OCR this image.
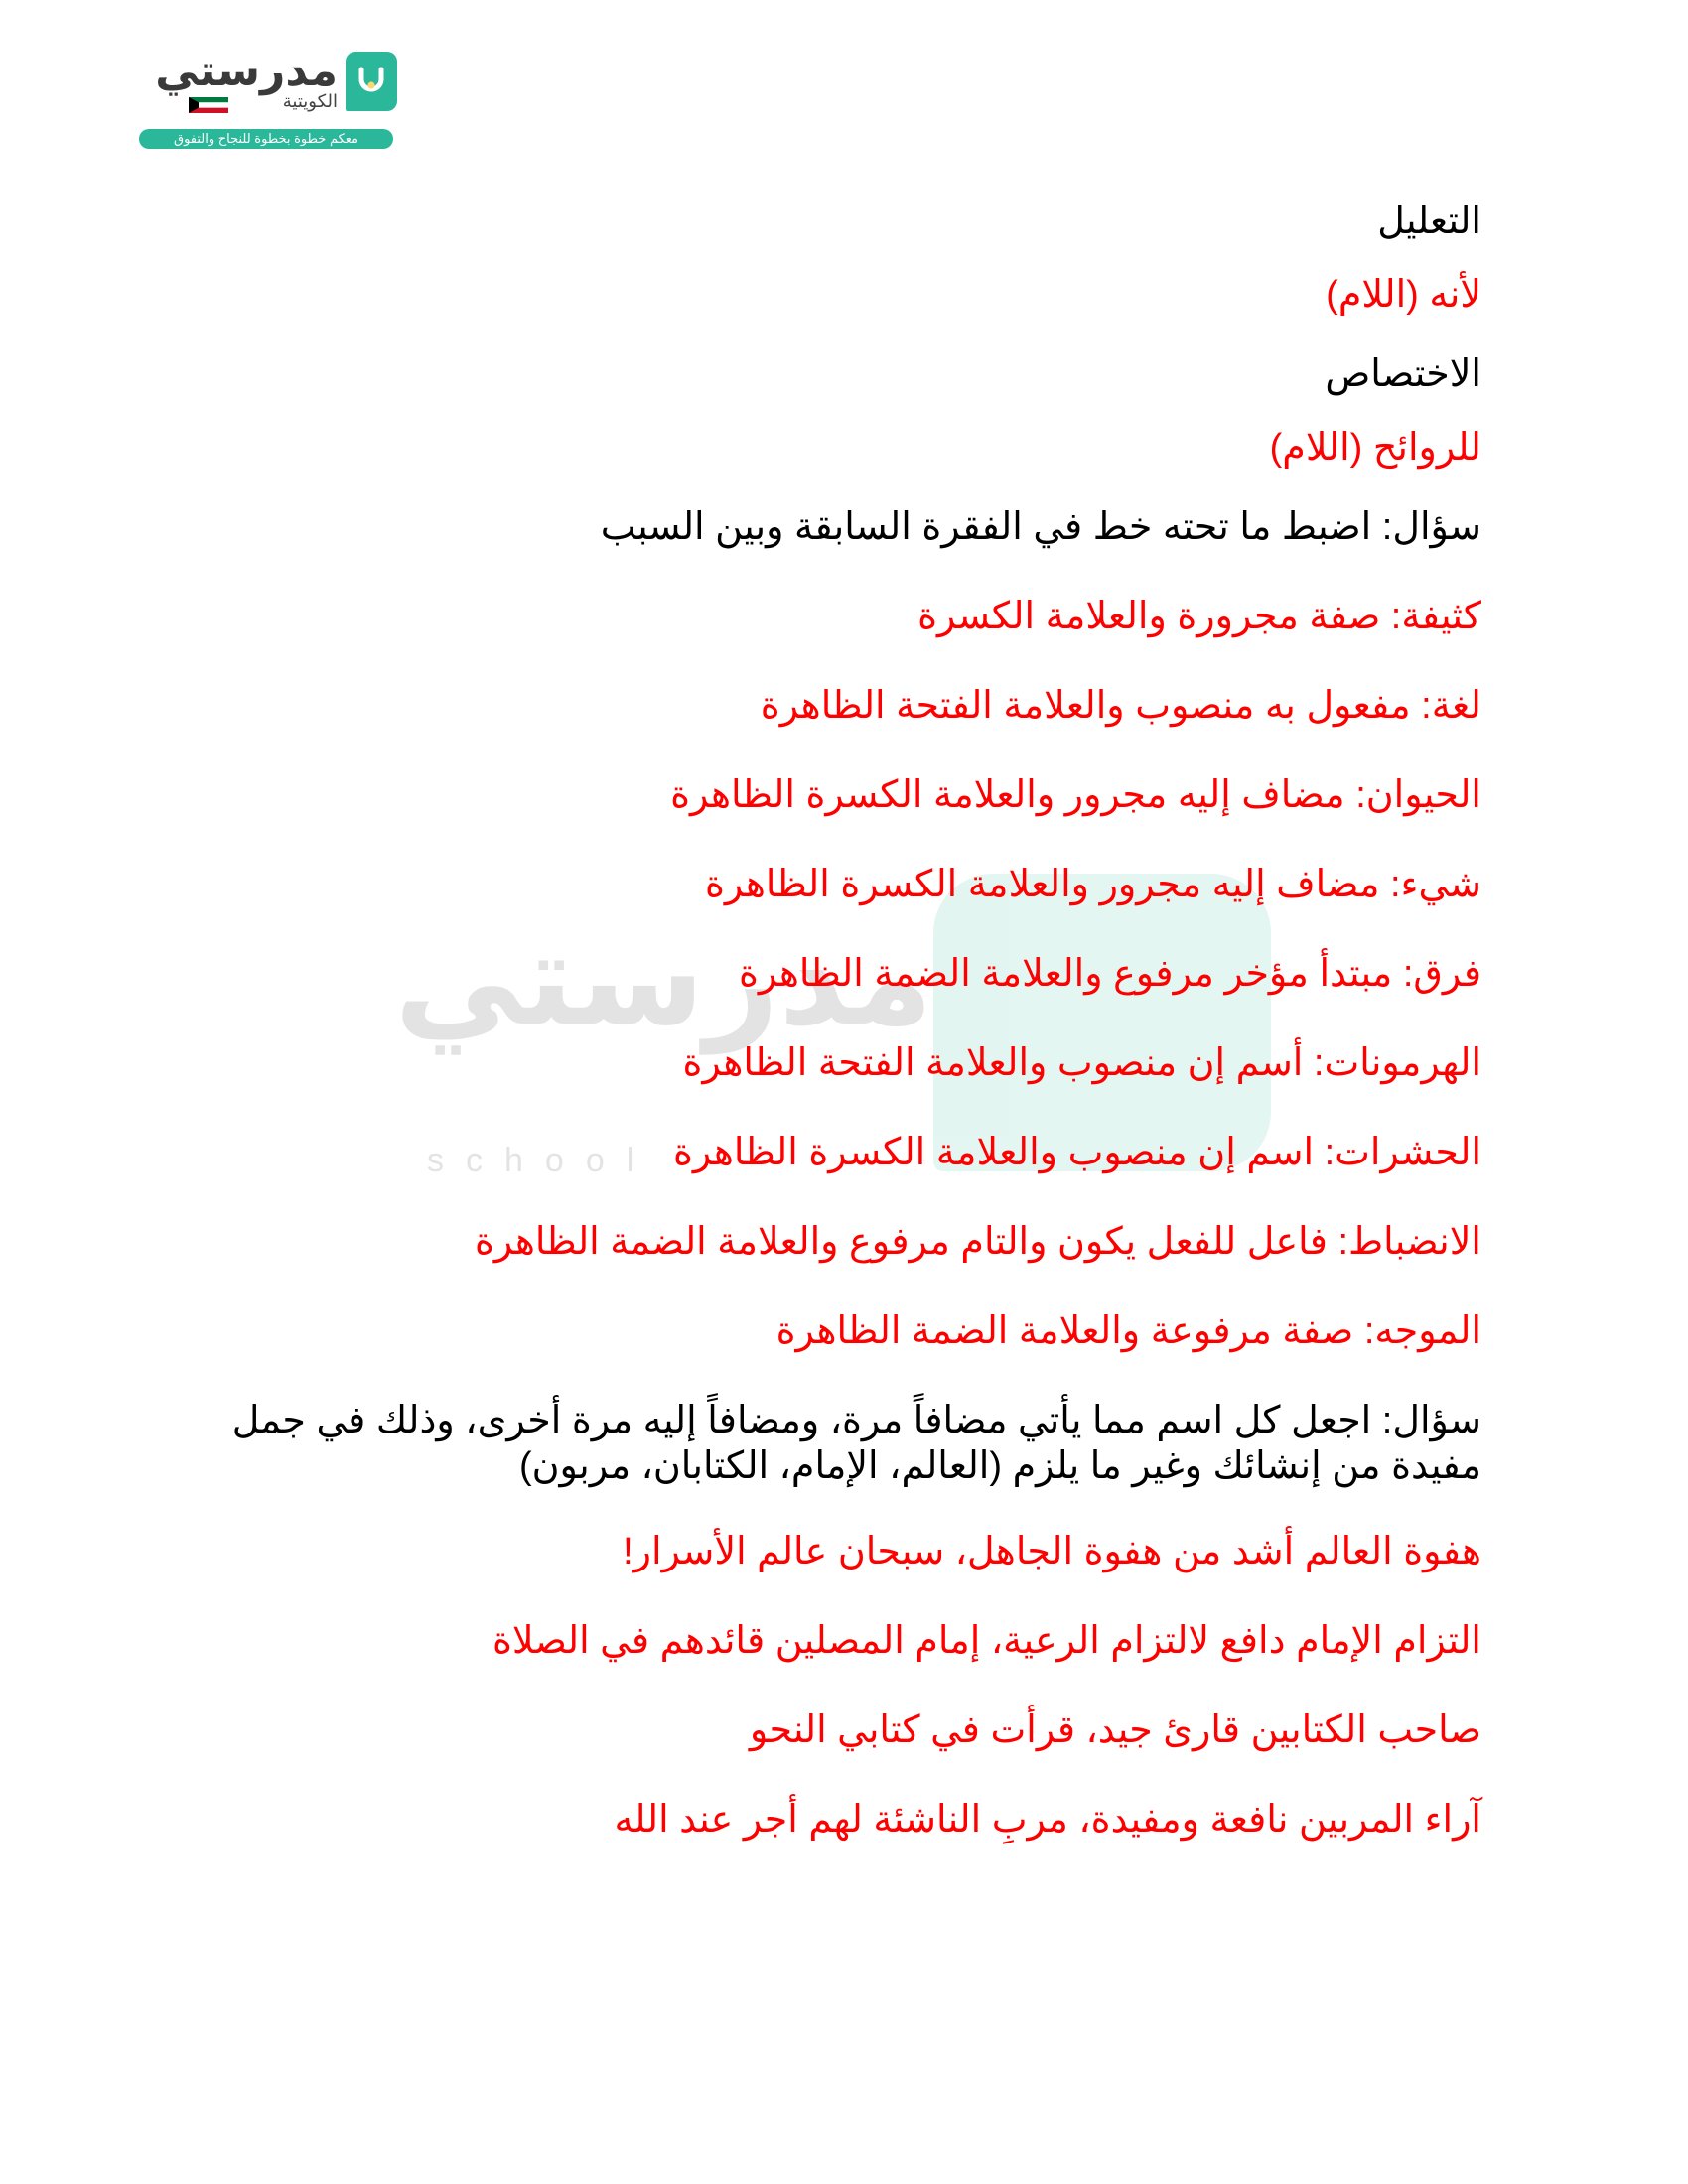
مدرستي
الكويتية
معكم خطوة بخطوة للنجاح والتفوق
مدرستي
school

التعليل

لأنه (اللام)

الاختصاص

للروائح (اللام)

سؤال: اضبط ما تحته خط في الفقرة السابقة وبين السبب

كثيفة: صفة مجرورة والعلامة الكسرة

لغة: مفعول به منصوب والعلامة الفتحة الظاهرة

الحيوان: مضاف إليه مجرور والعلامة الكسرة الظاهرة

شيء: مضاف إليه مجرور والعلامة الكسرة الظاهرة

فرق: مبتدأ مؤخر مرفوع والعلامة الضمة الظاهرة

الهرمونات: أسم إن منصوب والعلامة الفتحة الظاهرة

الحشرات: اسم إن منصوب والعلامة الكسرة الظاهرة

الانضباط: فاعل للفعل يكون والتام مرفوع والعلامة الضمة الظاهرة

الموجه: صفة مرفوعة والعلامة الضمة الظاهرة

سؤال: اجعل كل اسم مما يأتي مضافاً مرة، ومضافاً إليه مرة أخرى، وذلك في جمل مفيدة من إنشائك وغير ما يلزم (العالم، الإمام، الكتابان، مربون)

هفوة العالم أشد من هفوة الجاهل، سبحان عالم الأسرار!

التزام الإمام دافع لالتزام الرعية، إمام المصلين قائدهم في الصلاة

صاحب الكتابين قارئ جيد، قرأت في كتابي النحو

آراء المربين نافعة ومفيدة، مربِ الناشئة لهم أجر عند الله
